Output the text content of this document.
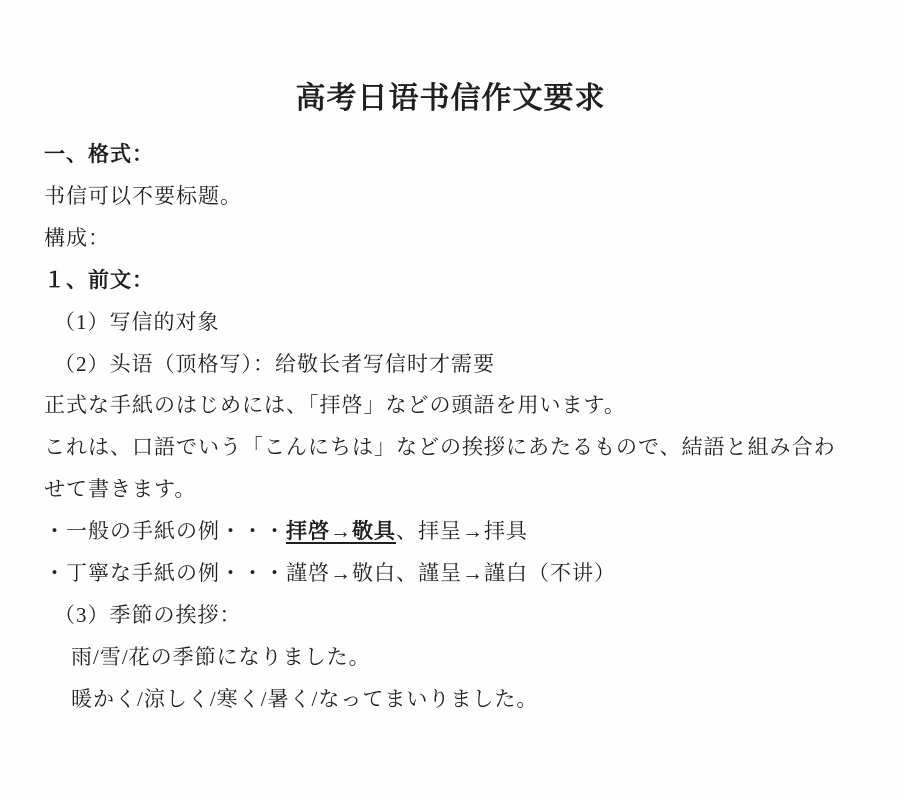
高考日语书信作文要求
一、格式：
书信可以不要标题。
構成：
１、前文：
（1）写信的对象
（2）头语（顶格写）：给敬长者写信时才需要
正式な手紙のはじめには、「拝啓」などの頭語を用います。
これは、口語でいう「こんにちは」などの挨拶にあたるもので、結語と組み合わ
せて書きます。
・一般の手紙の例・・・拝啓→敬具、拝呈→拝具
・丁寧な手紙の例・・・謹啓→敬白、謹呈→謹白（不讲）
（3）季節の挨拶：
雨/雪/花の季節になりました。
暖かく/涼しく/寒く/暑く/なってまいりました。
